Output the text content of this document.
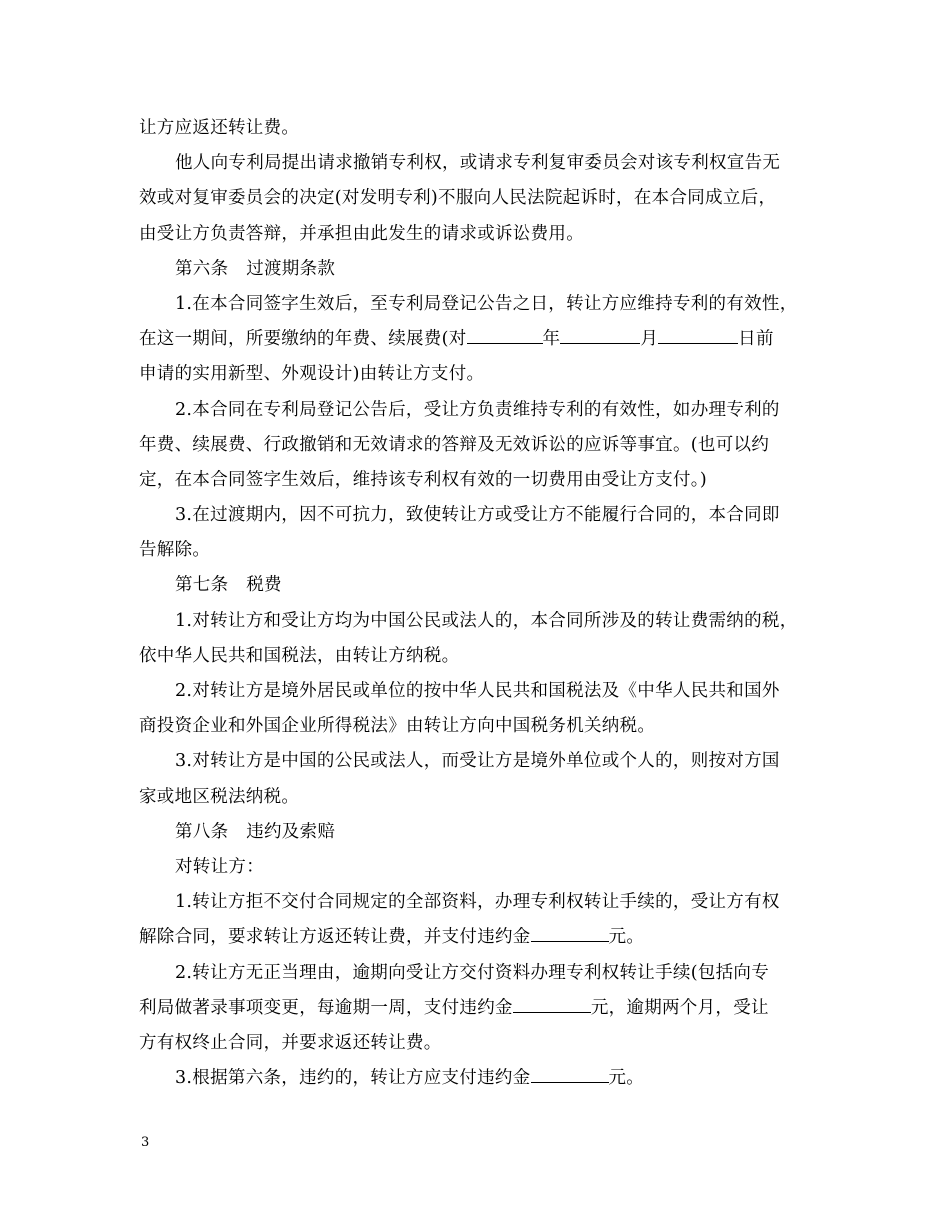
让方应返还转让费。
他人向专利局提出请求撤销专利权，或请求专利复审委员会对该专利权宣告无
效或对复审委员会的决定(对发明专利)不服向人民法院起诉时，在本合同成立后，
由受让方负责答辩，并承担由此发生的请求或诉讼费用。
第六条　过渡期条款
1.在本合同签字生效后，至专利局登记公告之日，转让方应维持专利的有效性，
在这一期间，所要缴纳的年费、续展费(对	年	月	日前
申请的实用新型、外观设计)由转让方支付。
2.本合同在专利局登记公告后，受让方负责维持专利的有效性，如办理专利的
年费、续展费、行政撤销和无效请求的答辩及无效诉讼的应诉等事宜。(也可以约
定，在本合同签字生效后，维持该专利权有效的一切费用由受让方支付。)
3.在过渡期内，因不可抗力，致使转让方或受让方不能履行合同的，本合同即
告解除。
第七条　税费
1.对转让方和受让方均为中国公民或法人的，本合同所涉及的转让费需纳的税，
依中华人民共和国税法，由转让方纳税。
2.对转让方是境外居民或单位的按中华人民共和国税法及《中华人民共和国外
商投资企业和外国企业所得税法》由转让方向中国税务机关纳税。
3.对转让方是中国的公民或法人，而受让方是境外单位或个人的，则按对方国
家或地区税法纳税。
第八条　违约及索赔
对转让方：
1.转让方拒不交付合同规定的全部资料，办理专利权转让手续的，受让方有权
解除合同，要求转让方返还转让费，并支付违约金	元。
2.转让方无正当理由，逾期向受让方交付资料办理专利权转让手续(包括向专
利局做著录事项变更，每逾期一周，支付违约金	元，逾期两个月，受让
方有权终止合同，并要求返还转让费。
3.根据第六条，违约的，转让方应支付违约金	元。
3
